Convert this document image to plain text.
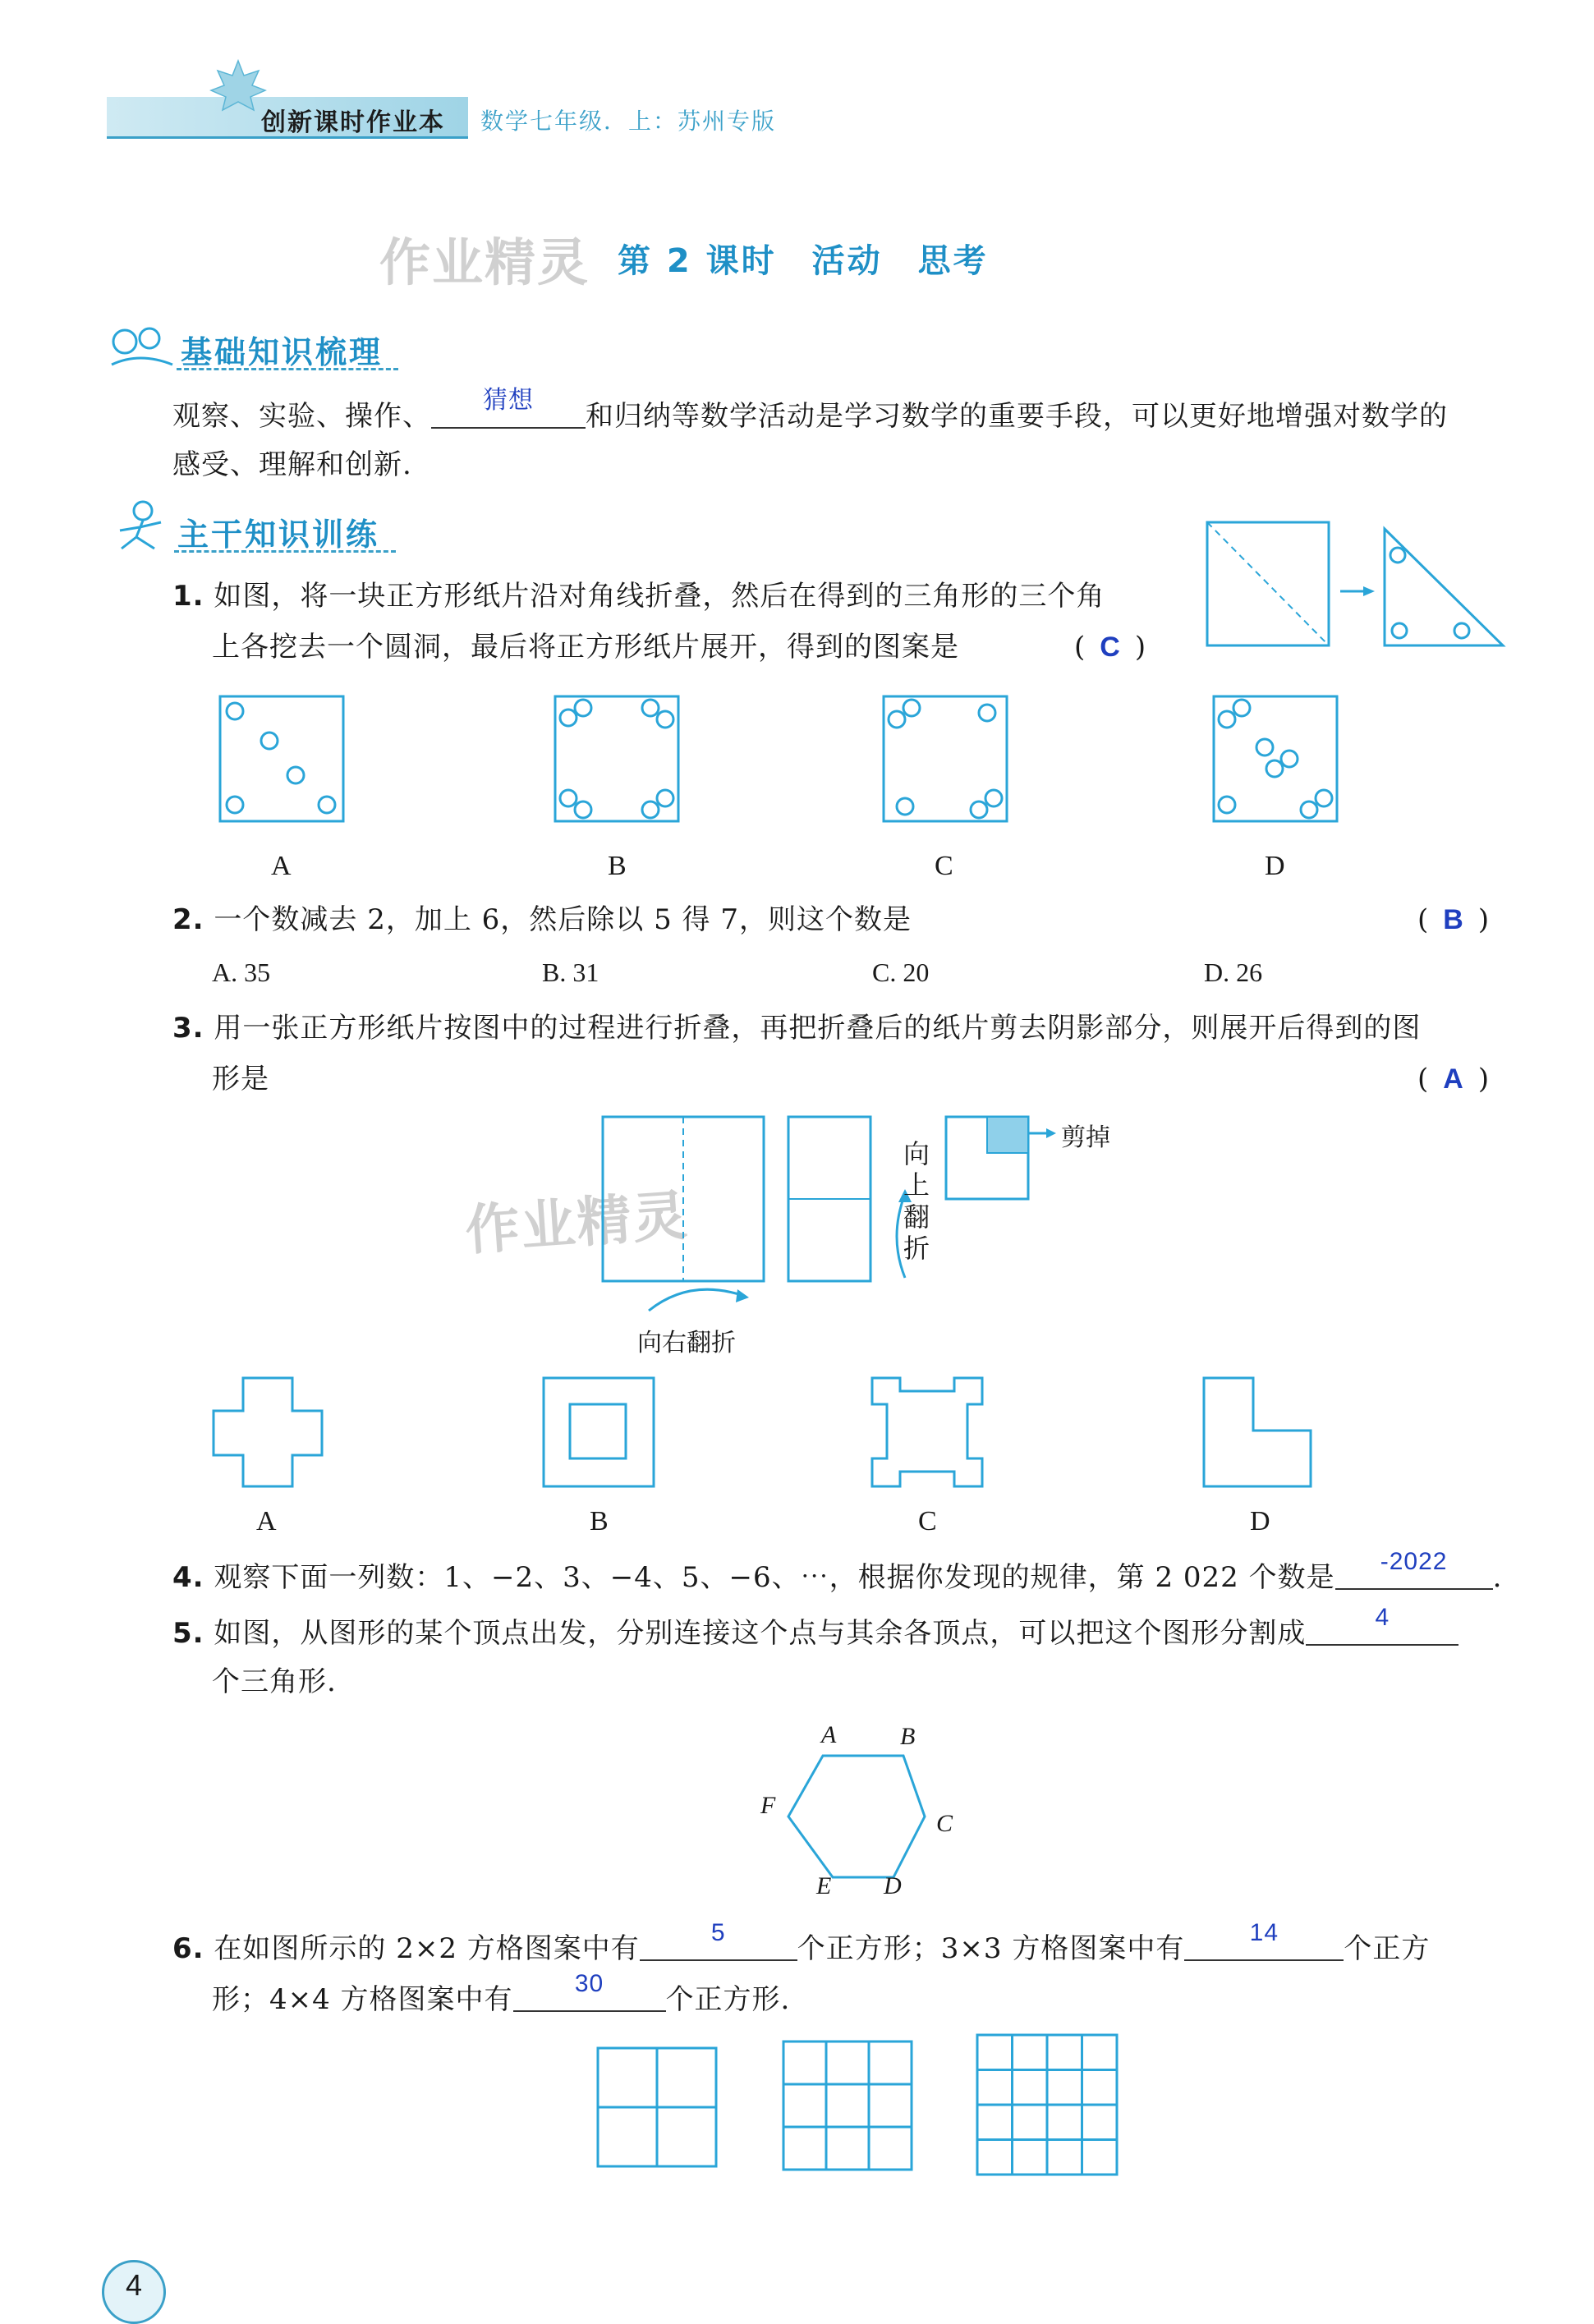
创新课时作业本 数学七年级．上：苏州专版
作业精灵
作业精灵
第 2 课时　活动　思考
基础知识梳理
观察、实验、操作、	猜想	和归纳等数学活动是学习数学的重要手段，可以更好地增强对数学的
感受、理解和创新.
主干知识训练
1. 如图，将一块正方形纸片沿对角线折叠，然后在得到的三角形的三个角
上各挖去一个圆洞，最后将正方形纸片展开，得到的图案是	( C )
A	B	C	D
2. 一个数减去 2，加上 6，然后除以 5 得 7，则这个数是	( B )
A. 35	B. 31	C. 20	D. 26
3. 用一张正方形纸片按图中的过程进行折叠，再把折叠后的纸片剪去阴影部分，则展开后得到的图
形是	( A )
剪掉
向上翻折
向右翻折
A	B	C	D
4. 观察下面一列数：1、−2、3、−4、5、−6、⋯，根据你发现的规律，第 2 022 个数是	-2022	.
5. 如图，从图形的某个顶点出发，分别连接这个点与其余各顶点，可以把这个图形分割成	4
个三角形.
A	B
C
D
E
F
6. 在如图所示的 2×2 方格图案中有	5	个正方形；3×3 方格图案中有	14	个正方
形；4×4 方格图案中有	30	个正方形.
4
